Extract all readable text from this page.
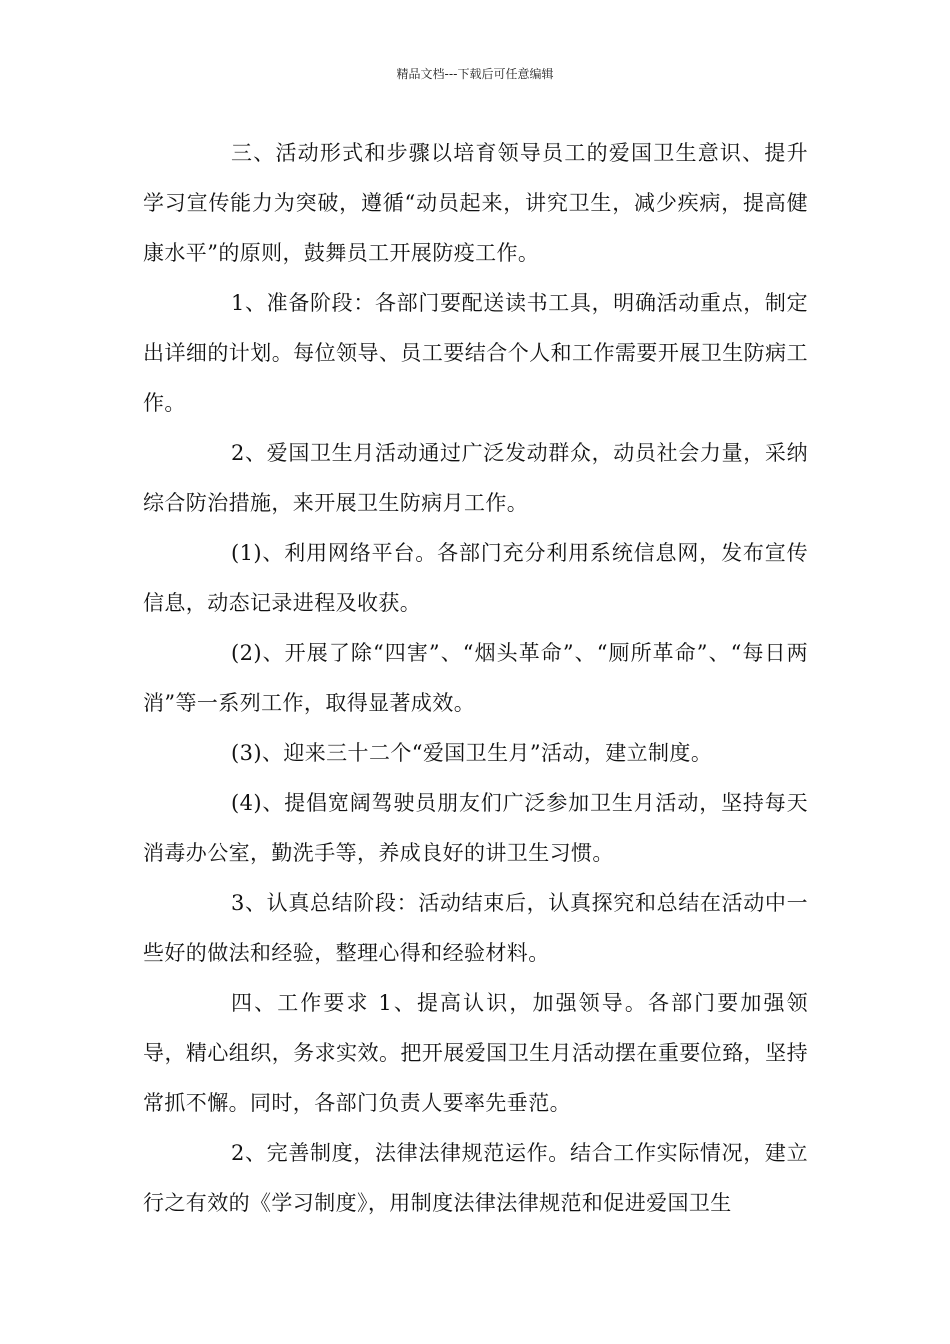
精品文档---下载后可任意编辑

三、活动形式和步骤以培育领导员工的爱国卫生意识、提升学习宣传能力为突破，遵循“动员起来，讲究卫生，减少疾病，提高健康水平”的原则，鼓舞员工开展防疫工作。

1、准备阶段：各部门要配送读书工具，明确活动重点，制定出详细的计划。每位领导、员工要结合个人和工作需要开展卫生防病工作。

2、爱国卫生月活动通过广泛发动群众，动员社会力量，采纳综合防治措施，来开展卫生防病月工作。

(1)、利用网络平台。各部门充分利用系统信息网，发布宣传信息，动态记录进程及收获。

(2)、开展了除“四害”、“烟头革命”、“厕所革命”、“每日两消”等一系列工作，取得显著成效。

(3)、迎来三十二个“爱国卫生月”活动，建立制度。

(4)、提倡宽阔驾驶员朋友们广泛参加卫生月活动，坚持每天消毒办公室，勤洗手等，养成良好的讲卫生习惯。

3、认真总结阶段：活动结束后，认真探究和总结在活动中一些好的做法和经验，整理心得和经验材料。

四、工作要求 1、提高认识，加强领导。各部门要加强领导，精心组织，务求实效。把开展爱国卫生月活动摆在重要位臵，坚持常抓不懈。同时，各部门负责人要率先垂范。

2、完善制度，法律法律规范运作。结合工作实际情况，建立行之有效的《学习制度》，用制度法律法律规范和促进爱国卫生
